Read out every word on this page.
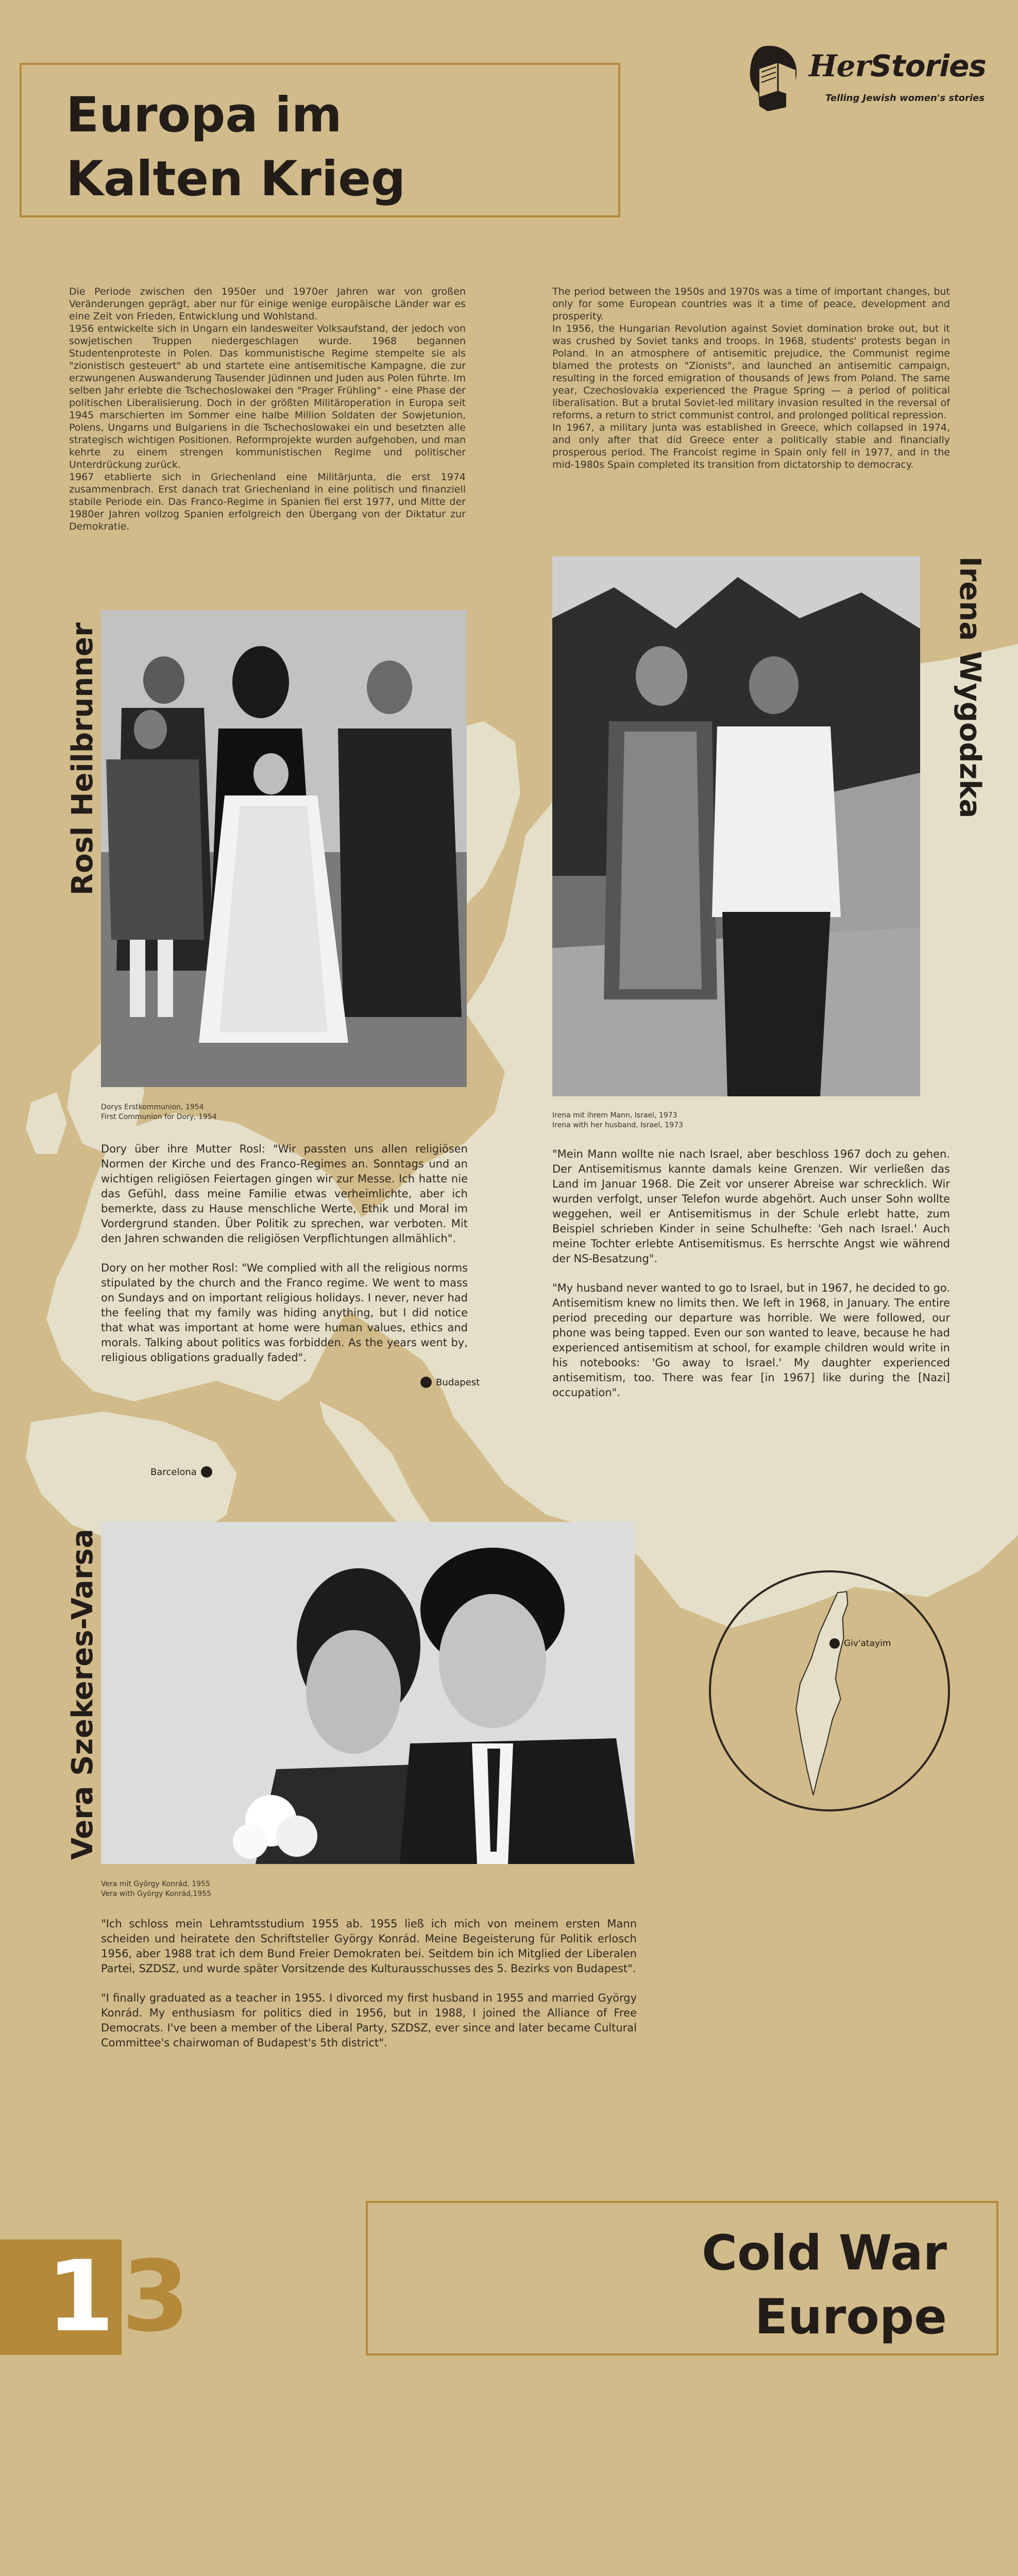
Europa im
Kalten Krieg
HerStories
Telling Jewish women's stories

Die Periode zwischen den 1950er und 1970er Jahren war von großen Veränderungen geprägt, aber nur für einige wenige europäische Länder war es eine Zeit von Frieden, Entwicklung und Wohlstand.

1956 entwickelte sich in Ungarn ein landesweiter Volksaufstand, der jedoch von sowjetischen Truppen niedergeschlagen wurde. 1968 begannen Studentenproteste in Polen. Das kommunistische Regime stempelte sie als "zionistisch gesteuert" ab und startete eine antisemitische Kampagne, die zur erzwungenen Auswanderung Tausender Jüdinnen und Juden aus Polen führte. Im selben Jahr erlebte die Tschechoslowakei den "Prager Frühling" - eine Phase der politischen Liberalisierung. Doch in der größten Militäroperation in Europa seit 1945 marschierten im Sommer eine halbe Million Soldaten der Sowjetunion, Polens, Ungarns und Bulgariens in die Tschechoslowakei ein und besetzten alle strategisch wichtigen Positionen. Reformprojekte wurden aufgehoben, und man kehrte zu einem strengen kommunistischen Regime und politischer Unterdrückung zurück.

1967 etablierte sich in Griechenland eine Militärjunta, die erst 1974 zusammenbrach. Erst danach trat Griechenland in eine politisch und finanziell stabile Periode ein. Das Franco-Regime in Spanien fiel erst 1977, und Mitte der 1980er Jahren vollzog Spanien erfolgreich den Übergang von der Diktatur zur Demokratie.

The period between the 1950s and 1970s was a time of important changes, but only for some European countries was it a time of peace, development and prosperity.

In 1956, the Hungarian Revolution against Soviet domination broke out, but it was crushed by Soviet tanks and troops. In 1968, students' protests began in Poland. In an atmosphere of antisemitic prejudice, the Communist regime blamed the protests on "Zionists", and launched an antisemitic campaign, resulting in the forced emigration of thousands of Jews from Poland. The same year, Czechoslovakia experienced the Prague Spring — a period of political liberalisation. But a brutal Soviet-led military invasion resulted in the reversal of reforms, a return to strict communist control, and prolonged political repression.

In 1967, a military junta was established in Greece, which collapsed in 1974, and only after that did Greece enter a politically stable and financially prosperous period. The Francoist regime in Spain only fell in 1977, and in the mid-1980s Spain completed its transition from dictatorship to democracy.

Rosl Heilbrunner
Dorys Erstkommunion, 1954
First Communion for Dory, 1954

Dory über ihre Mutter Rosl: "Wir passten uns allen religiösen Normen der Kirche und des Franco-Regimes an. Sonntags und an wichtigen religiösen Feiertagen gingen wir zur Messe. Ich hatte nie das Gefühl, dass meine Familie etwas verheimlichte, aber ich bemerkte, dass zu Hause menschliche Werte, Ethik und Moral im Vordergrund standen. Über Politik zu sprechen, war verboten. Mit den Jahren schwanden die religiösen Verpflichtungen allmählich".

Dory on her mother Rosl: "We complied with all the religious norms stipulated by the church and the Franco regime. We went to mass on Sundays and on important religious holidays. I never, never had the feeling that my family was hiding anything, but I did notice that what was important at home were human values, ethics and morals. Talking about politics was forbidden. As the years went by, religious obligations gradually faded".

Irena Wygodzka
Irena mit ihrem Mann, Israel, 1973
Irena with her husband, Israel, 1973

"Mein Mann wollte nie nach Israel, aber beschloss 1967 doch zu gehen. Der Antisemitismus kannte damals keine Grenzen. Wir verließen das Land im Januar 1968. Die Zeit vor unserer Abreise war schrecklich. Wir wurden verfolgt, unser Telefon wurde abgehört. Auch unser Sohn wollte weggehen, weil er Antisemitismus in der Schule erlebt hatte, zum Beispiel schrieben Kinder in seine Schulhefte: 'Geh nach Israel.' Auch meine Tochter erlebte Antisemitismus. Es herrschte Angst wie während der NS-Besatzung".

"My husband never wanted to go to Israel, but in 1967, he decided to go. Antisemitism knew no limits then. We left in 1968, in January. The entire period preceding our departure was horrible. We were followed, our phone was being tapped. Even our son wanted to leave, because he had experienced antisemitism at school, for example children would write in his notebooks: 'Go away to Israel.' My daughter experienced antisemitism, too. There was fear [in 1967] like during the [Nazi] occupation".

Budapest
Barcelona
Vera Szekeres-Varsa
Vera mit György Konrád, 1955
Vera with György Konrád,1955

"Ich schloss mein Lehramtsstudium 1955 ab. 1955 ließ ich mich von meinem ersten Mann scheiden und heiratete den Schriftsteller György Konrád. Meine Begeisterung für Politik erlosch 1956, aber 1988 trat ich dem Bund Freier Demokraten bei. Seitdem bin ich Mitglied der Liberalen Partei, SZDSZ, und wurde später Vorsitzende des Kulturausschusses des 5. Bezirks von Budapest".

"I finally graduated as a teacher in 1955. I divorced my first husband in 1955 and married György Konrád. My enthusiasm for politics died in 1956, but in 1988, I joined the Alliance of Free Democrats. I've been a member of the Liberal Party, SZDSZ, ever since and later became Cultural Committee's chairwoman of Budapest's 5th district".

Giv'atayim
1 3	Cold War
Europe
